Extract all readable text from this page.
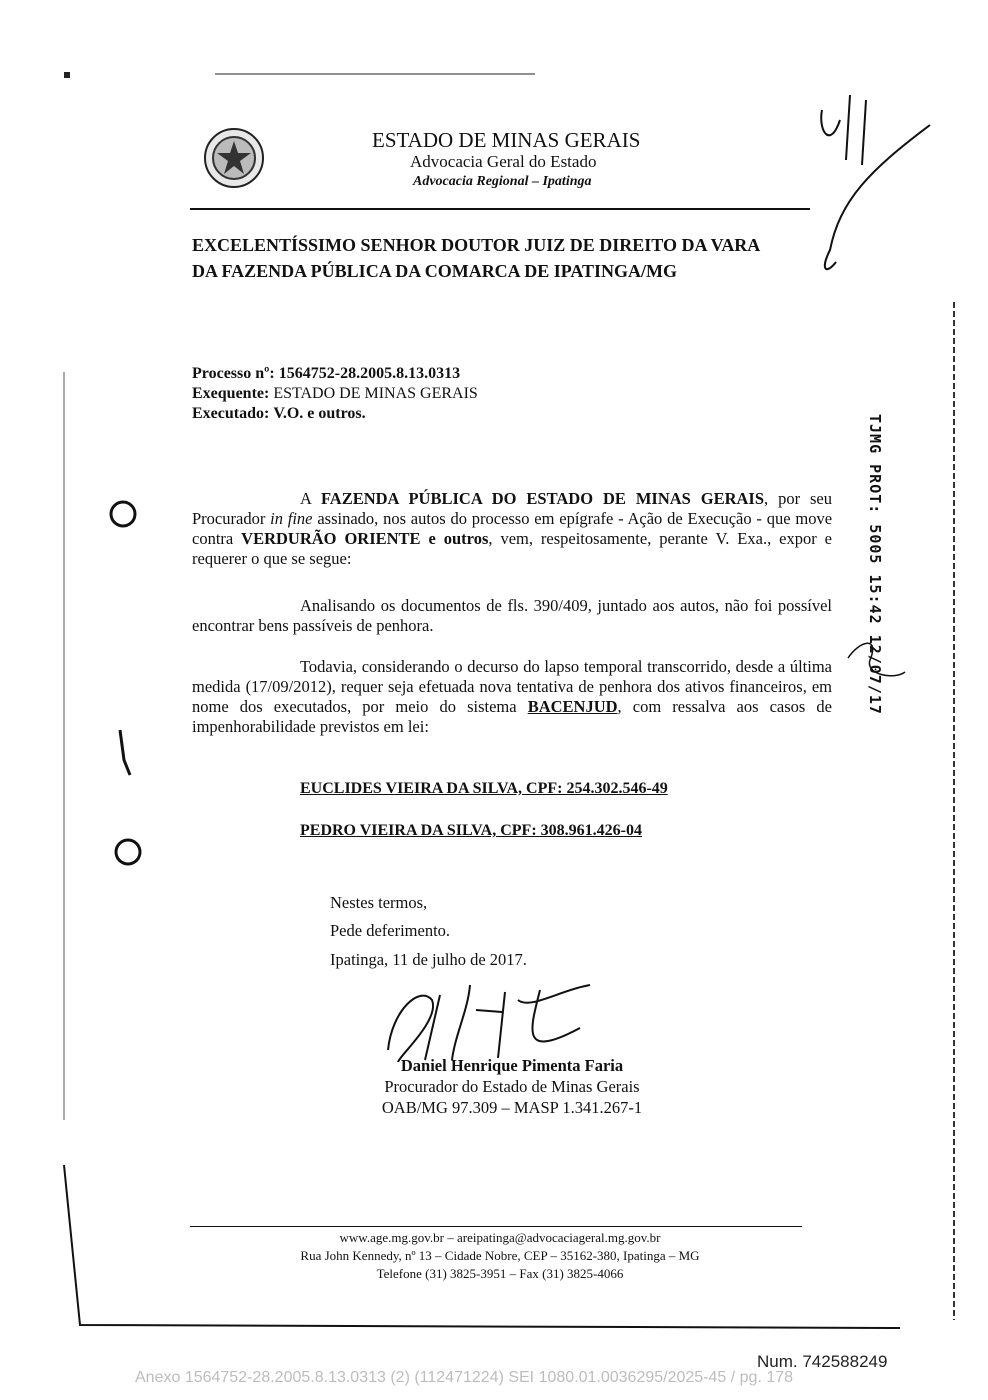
ESTADO DE MINAS GERAIS
Advocacia Geral do Estado
Advocacia Regional – Ipatinga
EXCELENTÍSSIMO SENHOR DOUTOR JUIZ DE DIREITO DA VARA
DA FAZENDA PÚBLICA DA COMARCA DE IPATINGA/MG
Processo nº: 1564752-28.2005.8.13.0313
Exequente: ESTADO DE MINAS GERAIS
Executado: V.O. e outros.
A FAZENDA PÚBLICA DO ESTADO DE MINAS GERAIS, por seu Procurador in fine assinado, nos autos do processo em epígrafe - Ação de Execução - que move contra VERDURÃO ORIENTE e outros, vem, respeitosamente, perante V. Exa., expor e requerer o que se segue:
Analisando os documentos de fls. 390/409, juntado aos autos, não foi possível encontrar bens passíveis de penhora.
Todavia, considerando o decurso do lapso temporal transcorrido, desde a última medida (17/09/2012), requer seja efetuada nova tentativa de penhora dos ativos financeiros, em nome dos executados, por meio do sistema BACENJUD, com ressalva aos casos de impenhorabilidade previstos em lei:
EUCLIDES VIEIRA DA SILVA, CPF: 254.302.546-49
PEDRO VIEIRA DA SILVA, CPF: 308.961.426-04
Nestes termos,
Pede deferimento.
Ipatinga, 11 de julho de 2017.
Daniel Henrique Pimenta Faria
Procurador do Estado de Minas Gerais
OAB/MG 97.309 – MASP 1.341.267-1
www.age.mg.gov.br – areipatinga@advocaciageral.mg.gov.br
Rua John Kennedy, nº 13 – Cidade Nobre, CEP – 35162-380, Ipatinga – MG
Telefone (31) 3825-3951 – Fax (31) 3825-4066
TJMG PROT: 5005 15:42 12/07/17
Num. 742588249
Anexo 1564752-28.2005.8.13.0313 (2) (112471224) SEI 1080.01.0036295/2025-45 / pg. 178
